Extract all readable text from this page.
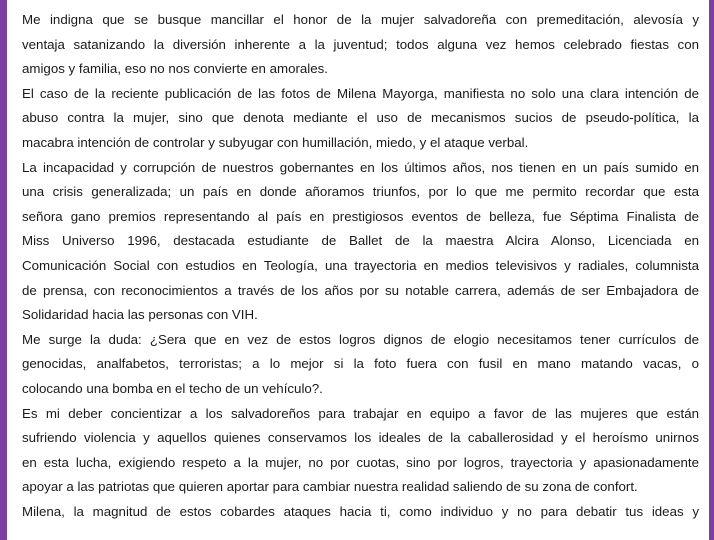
Me indigna que se busque mancillar el honor de la mujer salvadoreña con premeditación, alevosía y
ventaja satanizando la diversión inherente a la juventud; todos alguna vez hemos celebrado fiestas con
amigos y familia, eso no nos convierte en amorales.
El caso de la reciente publicación de las fotos de Milena Mayorga, manifiesta no solo una clara intención de
abuso contra la mujer, sino que denota mediante el uso de mecanismos sucios de pseudo-política, la
macabra intención de controlar y subyugar con humillación, miedo, y el ataque verbal.
La incapacidad y corrupción de nuestros gobernantes en los últimos años, nos tienen en un país sumido en
una crisis generalizada; un país en donde añoramos triunfos, por lo que me permito recordar que esta
señora gano premios representando al país en prestigiosos eventos de belleza, fue Séptima Finalista de
Miss Universo 1996, destacada estudiante de Ballet de la maestra Alcira Alonso, Licenciada en
Comunicación Social con estudios en Teología, una trayectoria en medios televisivos y radiales, columnista
de prensa, con reconocimientos a través de los años por su notable carrera, además de ser Embajadora de
Solidaridad hacia las personas con VIH.
Me surge la duda: ¿Sera que en vez de estos logros dignos de elogio necesitamos tener currículos de
genocidas, analfabetos, terroristas; a lo mejor si la foto fuera con fusil en mano matando vacas, o
colocando una bomba en el techo de un vehículo?.
Es mi deber concientizar a los salvadoreños para trabajar en equipo a favor de las mujeres que están
sufriendo violencia y aquellos quienes conservamos los ideales de la caballerosidad y el heroísmo unirnos
en esta lucha, exigiendo respeto a la mujer, no por cuotas, sino por logros, trayectoria y apasionadamente
apoyar a las patriotas que quieren aportar para cambiar nuestra realidad saliendo de su zona de confort.
Milena, la magnitud de estos cobardes ataques hacia ti, como individuo y no para debatir tus ideas y
